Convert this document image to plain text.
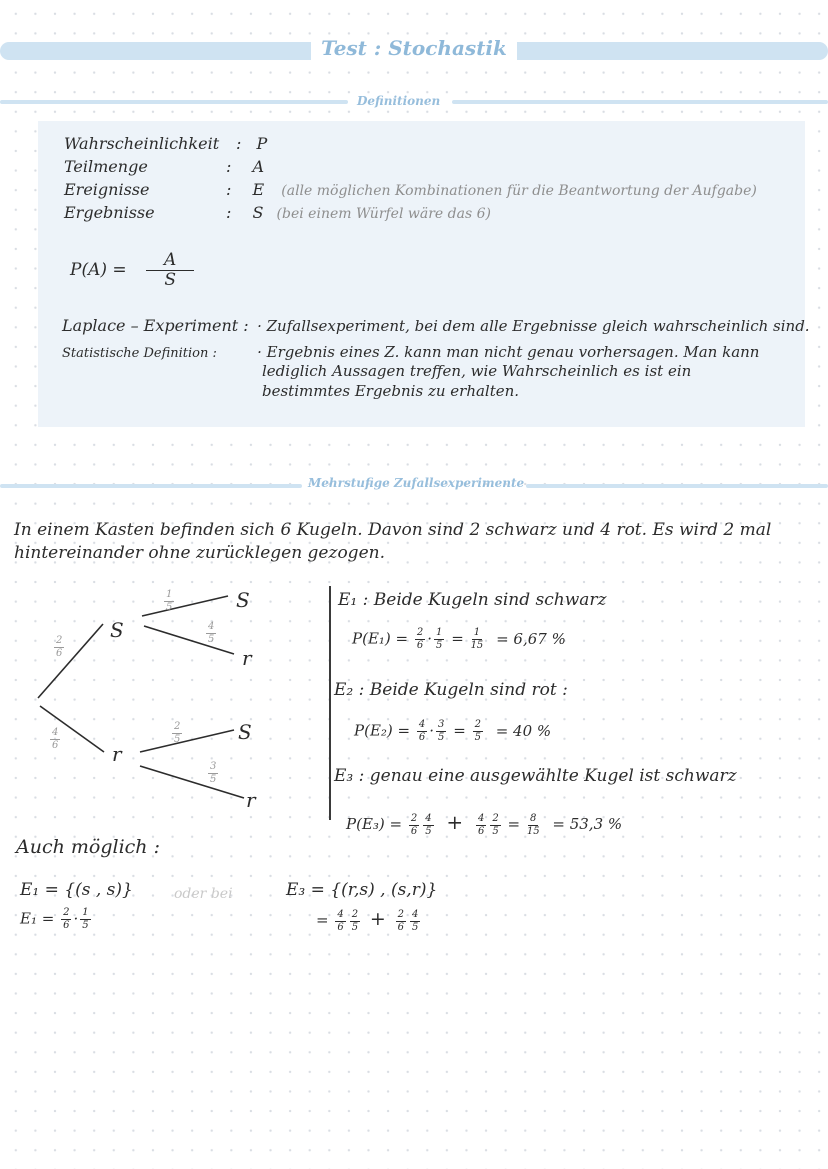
Test : Stochastik
Definitionen
Wahrscheinlichkeit : P
Teilmenge	: A
Ereignisse	: E (alle möglichen Kombinationen für die Beantwortung der Aufgabe)
Ergebnisse	: S (bei einem Würfel wäre das 6)
$P(A) = \frac{A}{S}$
Laplace – Experiment : · Zufallsexperiment, bei dem alle Ergebnisse gleich wahrscheinlich sind.
Statistische Definition :	· Ergebnis eines Z. kann man nicht genau vorhersagen. Man kann
lediglich Aussagen treffen, wie Wahrscheinlich es ist ein
bestimmtes Ergebnis zu erhalten.
Mehrstufige Zufallsexperimente
In einem Kasten befinden sich 6 Kugeln. Davon sind 2 schwarz und 4 rot. Es wird 2 mal
hintereinander ohne zurücklegen gezogen.
S
r
S
r
S
r
$\frac{2}{6}$
$\frac{4}{6}$
$\frac{1}{5}$
$\frac{4}{5}$
$\frac{2}{5}$
$\frac{3}{5}$
E₁ : Beide Kugeln sind schwarz
$P(E_1) = \frac{2}{6} \cdot \frac{1}{5} = \frac{1}{15} = 6,67$ %
E₂ : Beide Kugeln sind rot :
$P(E_2) = \frac{4}{6} \cdot \frac{3}{5} = \frac{2}{5} = 40$ %
E₃ : genau eine ausgewählte Kugel ist schwarz
$P(E_3) = \frac{2}{6} \frac{4}{5} + \frac{4}{6} \frac{2}{5} = \frac{8}{15} = 53,3$ %
Auch möglich :
E₁ = {(s , s)}	oder bei
$E_1 = \frac{2}{6} \cdot \frac{1}{5}$
E₃ = {(r,s) , (s,r)}
= $\frac{4}{6} \frac{2}{5} + \frac{2}{6} \frac{4}{5}$
